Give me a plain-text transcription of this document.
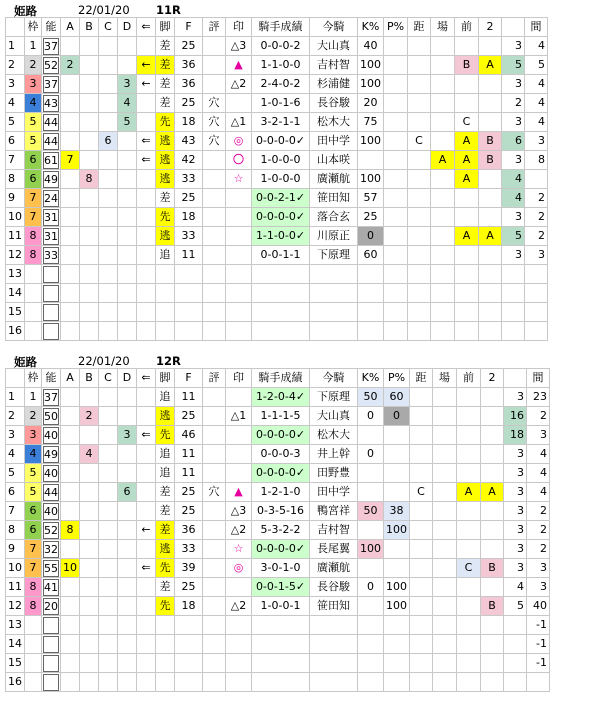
姫路	22/01/20 11R
	枠	能	A	B	C	D	⇐	脚	F	評	印	騎手成績	今騎	K%	P%	距	場	前	2		間
1	1	37						差	25		△3	0-0-0-2	大山真	40						3	4
2	2	52	2				←	差	36		▲	1-1-0-0	吉村智	100				B	A	5	5
3	3	37				3	←	差	36		△2	2-4-0-2	杉浦健	100						3	4
4	4	43				4		差	25	穴		1-0-1-6	長谷駿	20						2	4
5	5	44				5		先	18	穴	△1	3-2-1-1	松木大	75				C		3	4
6	5	44			6		⇐	逃	43	穴	◎	0-0-0-0✓	田中学	100		C		A	B	6	3
7	6	61	7				⇐	逃	42		〇	1-0-0-0	山本咲				A	A	B	3	8
8	6	49		8				逃	33		☆	1-0-0-0	廣瀬航	100				A		4	
9	7	24						差	25			0-0-2-1✓	笹田知	57						4	2
10	7	31						先	18			0-0-0-0✓	落合玄	25						3	2
11	8	31						逃	33			1-1-0-0✓	川原正	0				A	A	5	2
12	8	33						追	11			0-0-1-1	下原理	60						3	3
13		

14		

15		

16		

姫路	22/01/20 12R
	枠	能	A	B	C	D	⇐	脚	F	評	印	騎手成績	今騎	K%	P%	距	場	前	2		間
1	1	37						追	11			1-2-0-4✓	下原理	50	60					3	23
2	2	50		2				逃	25		△1	1-1-1-5	大山真	0	0					16	2
3	3	40				3	⇐	先	46			0-0-0-0✓	松木大							18	3
4	4	49		4				追	11			0-0-0-3	井上幹	0						3	4
5	5	40						追	11			0-0-0-0✓	田野豊							3	4
6	5	44				6		差	25	穴	▲	1-2-1-0	田中学			C		A	A	3	4
7	6	40						差	25		△3	0-3-5-16	鴨宮祥	50	38					3	2
8	6	52	8				←	差	36		△2	5-3-2-2	吉村智		100					3	2
9	7	32						逃	33		☆	0-0-0-0✓	長尾翼	100						3	2
10	7	55	10				⇐	先	39		◎	3-0-1-0	廣瀬航					C	B	3	3
11	8	41						差	25			0-0-1-5✓	長谷駿	0	100					4	3
12	8	20						先	18		△2	1-0-0-1	笹田知		100				B	5	40
13																					-1
14																					-1
15																					-1
16		
